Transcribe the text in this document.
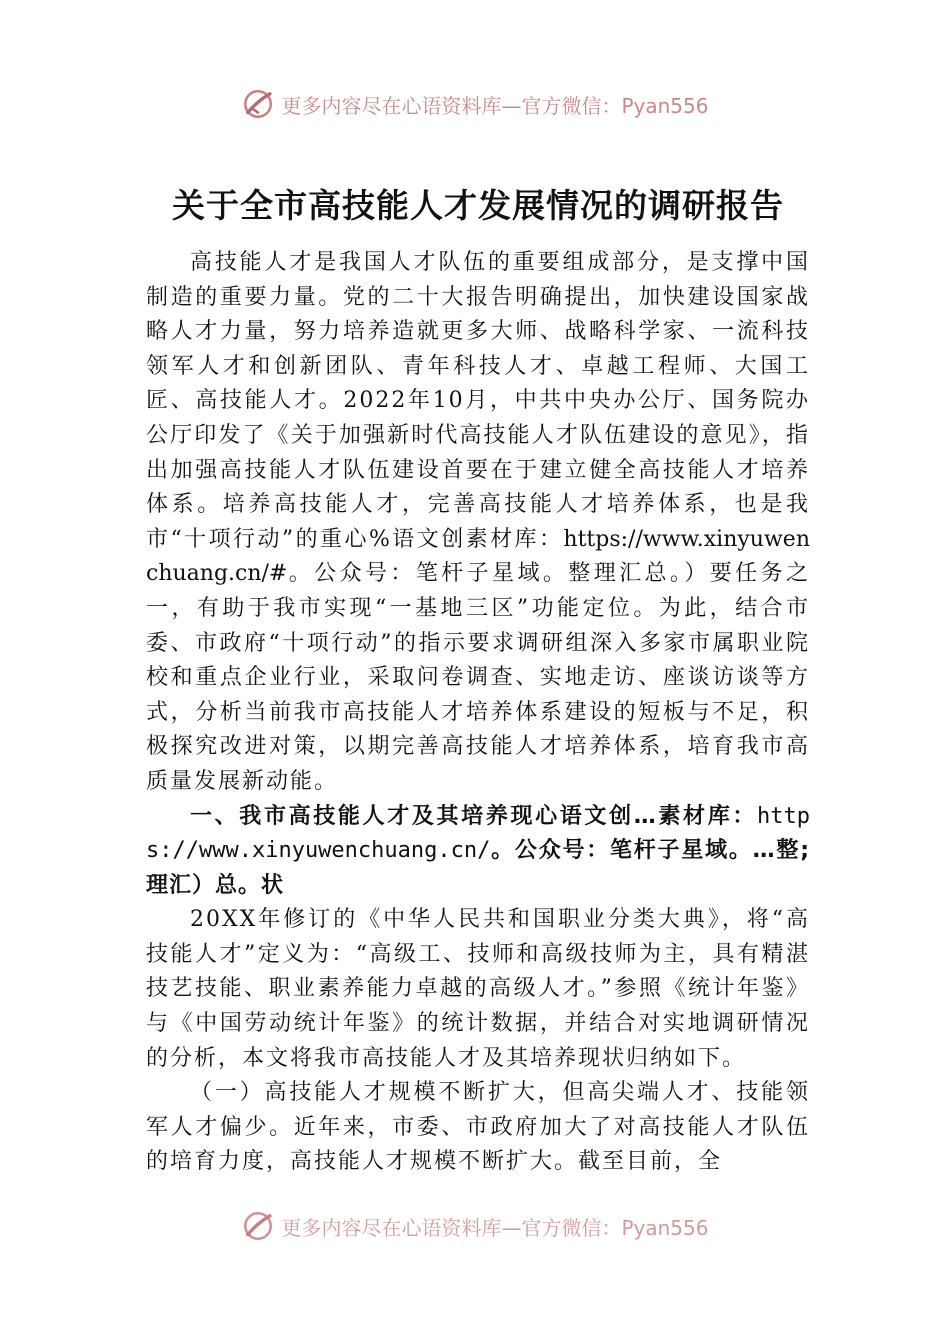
更多内容尽在心语资料库—官方微信：Pyan556
关于全市高技能人才发展情况的调研报告

高技能人才是我国人才队伍的重要组成部分，是支撑中国制造的重要力量。党的二十大报告明确提出，加快建设国家战略人才力量，努力培养造就更多大师、战略科学家、一流科技领军人才和创新团队、青年科技人才、卓越工程师、大国工匠、高技能人才。2022年10月，中共中央办公厅、国务院办公厅印发了《关于加强新时代高技能人才队伍建设的意见》，指出加强高技能人才队伍建设首要在于建立健全高技能人才培养体系。培养高技能人才，完善高技能人才培养体系，也是我市“十项行动”的重心%语文创素材库：https://www.xinyuwenchuang.cn/#。公众号：笔杆子星域。整理汇总。）要任务之一，有助于我市实现“一基地三区”功能定位。为此，结合市委、市政府“十项行动”的指示要求调研组深入多家市属职业院校和重点企业行业，采取问卷调查、实地走访、座谈访谈等方式，分析当前我市高技能人才培养体系建设的短板与不足，积极探究改进对策，以期完善高技能人才培养体系，培育我市高质量发展新动能。

一、我市高技能人才及其培养现心语文创…素材库：https://www.xinyuwenchuang.cn/。公众号：笔杆子星域。…整;理汇）总。状

20XX年修订的《中华人民共和国职业分类大典》，将“高技能人才”定义为：“高级工、技师和高级技师为主，具有精湛技艺技能、职业素养能力卓越的高级人才。”参照《统计年鉴》与《中国劳动统计年鉴》的统计数据，并结合对实地调研情况的分析，本文将我市高技能人才及其培养现状归纳如下。

（一）高技能人才规模不断扩大，但高尖端人才、技能领军人才偏少。近年来，市委、市政府加大了对高技能人才队伍的培育力度，高技能人才规模不断扩大。截至目前，全

更多内容尽在心语资料库—官方微信：Pyan556
